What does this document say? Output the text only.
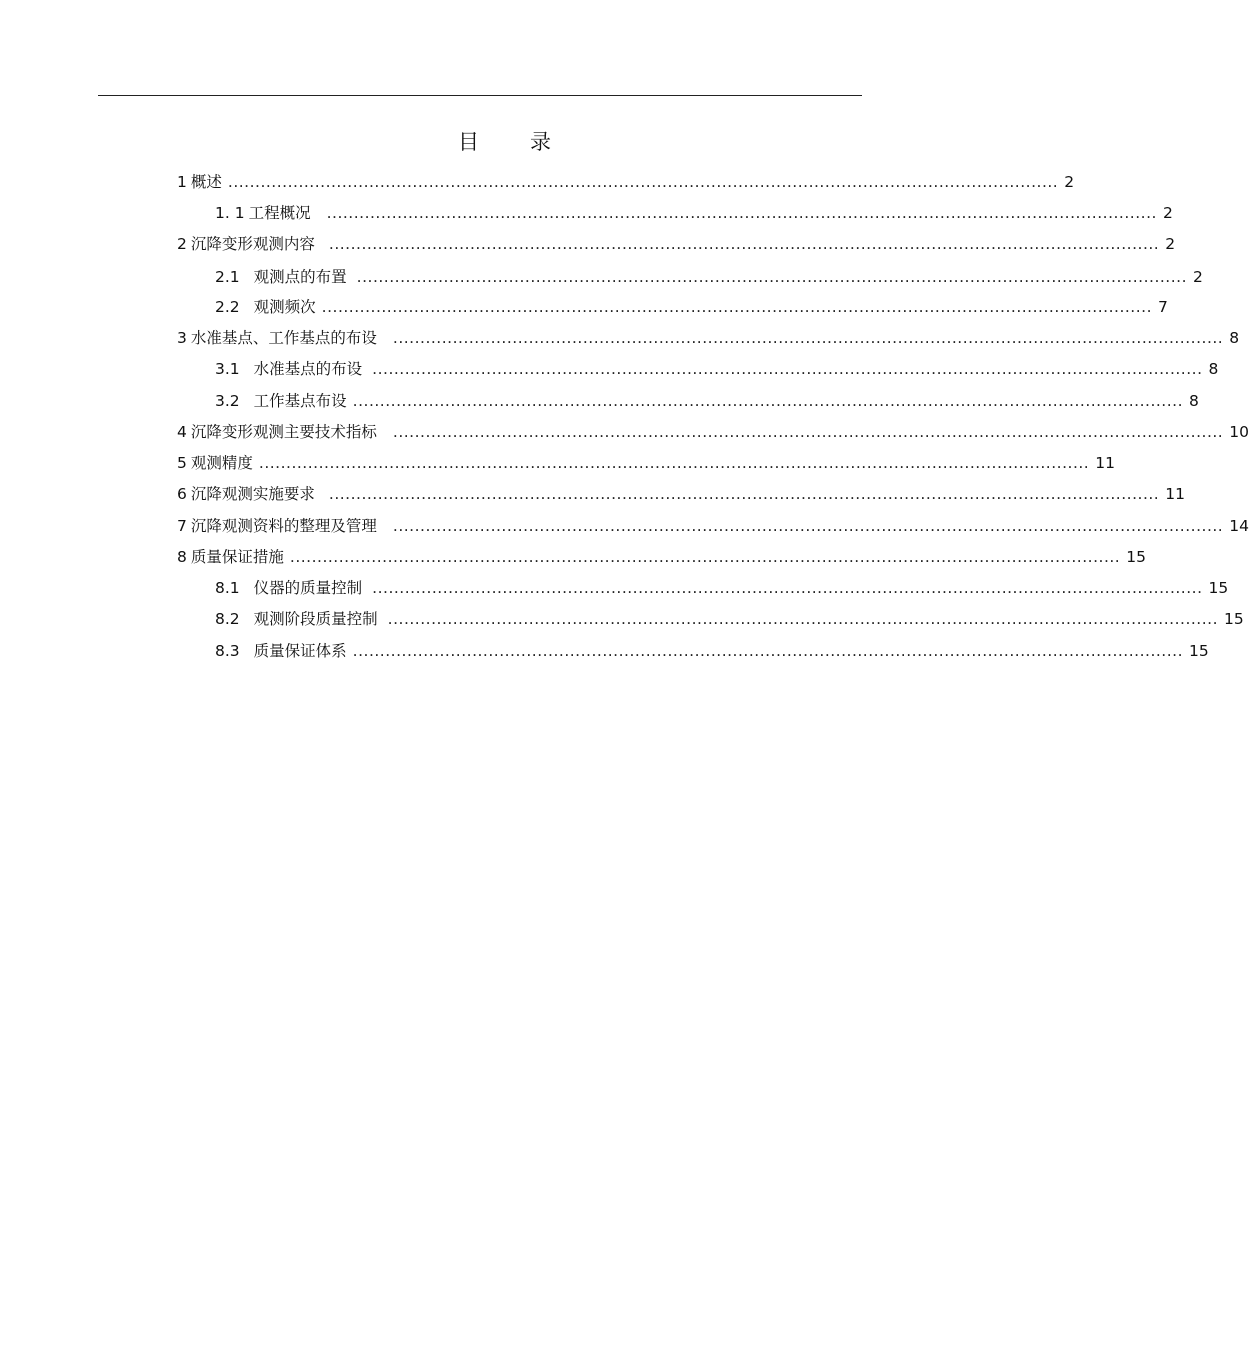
目 录
1 概述 ......................................................................................................................................................... 2
1. 1 工程概况 ......................................................................................................................................................... 2
2 沉降变形观测内容 ......................................................................................................................................................... 2
2.1 观测点的布置 ......................................................................................................................................................... 2
2.2 观测频次 ......................................................................................................................................................... 7
3 水准基点、工作基点的布设 ......................................................................................................................................................... 8
3.1 水准基点的布设 ......................................................................................................................................................... 8
3.2 工作基点布设 ......................................................................................................................................................... 8
4 沉降变形观测主要技术指标 ......................................................................................................................................................... 10
5 观测精度 ......................................................................................................................................................... 11
6 沉降观测实施要求 ......................................................................................................................................................... 11
7 沉降观测资料的整理及管理 ......................................................................................................................................................... 14
8 质量保证措施 ......................................................................................................................................................... 15
8.1 仪器的质量控制 ......................................................................................................................................................... 15
8.2 观测阶段质量控制 ......................................................................................................................................................... 15
8.3 质量保证体系 ......................................................................................................................................................... 15
